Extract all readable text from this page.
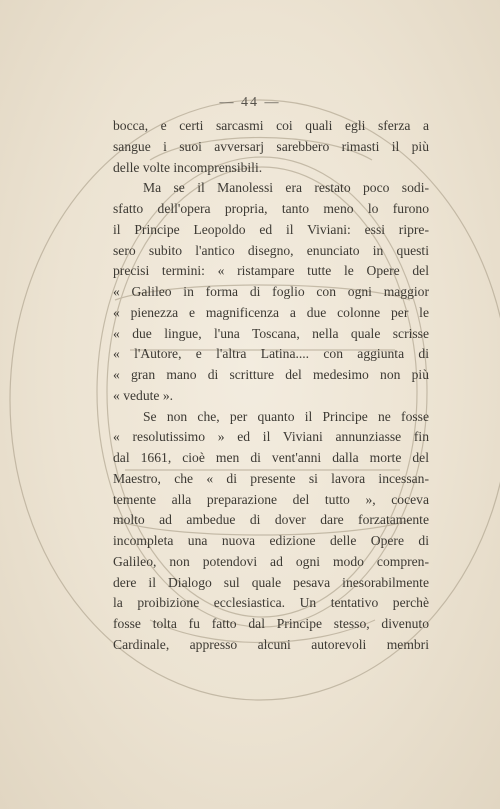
— 44 —
bocca, e certi sarcasmi coi quali egli sferza a
sangue i suoi avversarj sarebbero rimasti il più
delle volte incomprensibili.
Ma se il Manolessi era restato poco sodi-
sfatto dell'opera propria, tanto meno lo furono
il Principe Leopoldo ed il Viviani: essi ripre-
sero subito l'antico disegno, enunciato in questi
precisi termini: « ristampare tutte le Opere del
« Galileo in forma di foglio con ogni maggior
« pienezza e magnificenza a due colonne per le
« due lingue, l'una Toscana, nella quale scrisse
« l'Autore, e l'altra Latina.... con aggiunta di
« gran mano di scritture del medesimo non più
« vedute ».
Se non che, per quanto il Principe ne fosse
« resolutissimo » ed il Viviani annunziasse fin
dal 1661, cioè men di vent'anni dalla morte del
Maestro, che « di presente si lavora incessan-
temente alla preparazione del tutto », coceva
molto ad ambedue di dover dare forzatamente
incompleta una nuova edizione delle Opere di
Galileo, non potendovi ad ogni modo compren-
dere il Dialogo sul quale pesava inesorabilmente
la proibizione ecclesiastica. Un tentativo perchè
fosse tolta fu fatto dal Principe stesso, divenuto
Cardinale, appresso alcuni autorevoli membri
